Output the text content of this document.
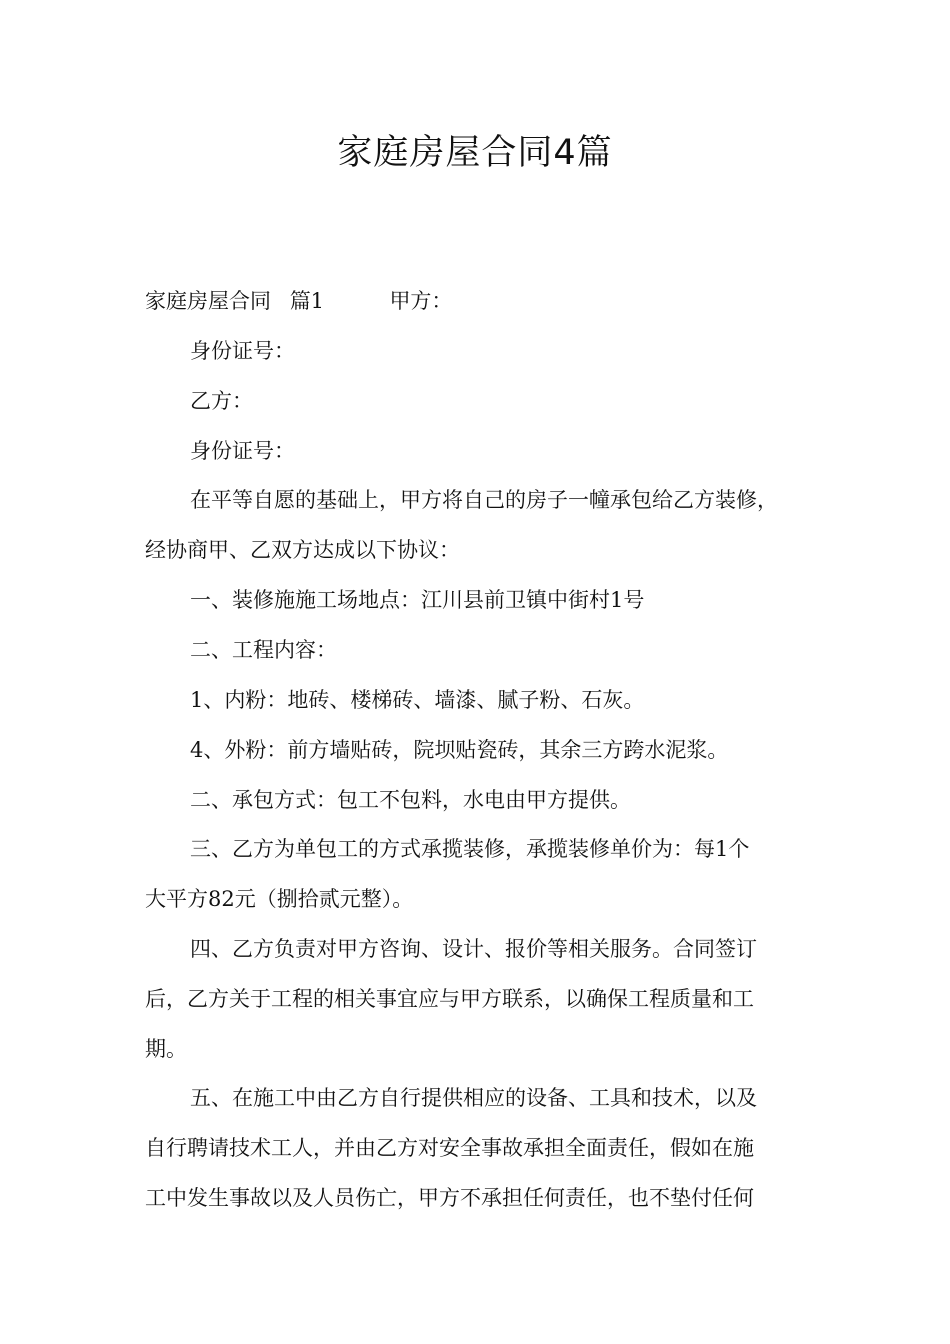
家庭房屋合同4篇
家庭房屋合同 篇1	甲方：
身份证号：
乙方：
身份证号：
在平等自愿的基础上，甲方将自己的房子一幢承包给乙方装修，
经协商甲、乙双方达成以下协议：
一、装修施施工场地点：江川县前卫镇中街村1号
二、工程内容：
1、内粉：地砖、楼梯砖、墙漆、腻子粉、石灰。
4、外粉：前方墙贴砖，院坝贴瓷砖，其余三方跨水泥浆。
二、承包方式：包工不包料，水电由甲方提供。
三、乙方为单包工的方式承揽装修，承揽装修单价为：每1个
大平方82元（捌拾贰元整）。
四、乙方负责对甲方咨询、设计、报价等相关服务。合同签订
后，乙方关于工程的相关事宜应与甲方联系，以确保工程质量和工
期。
五、在施工中由乙方自行提供相应的设备、工具和技术，以及
自行聘请技术工人，并由乙方对安全事故承担全面责任，假如在施
工中发生事故以及人员伤亡，甲方不承担任何责任，也不垫付任何
